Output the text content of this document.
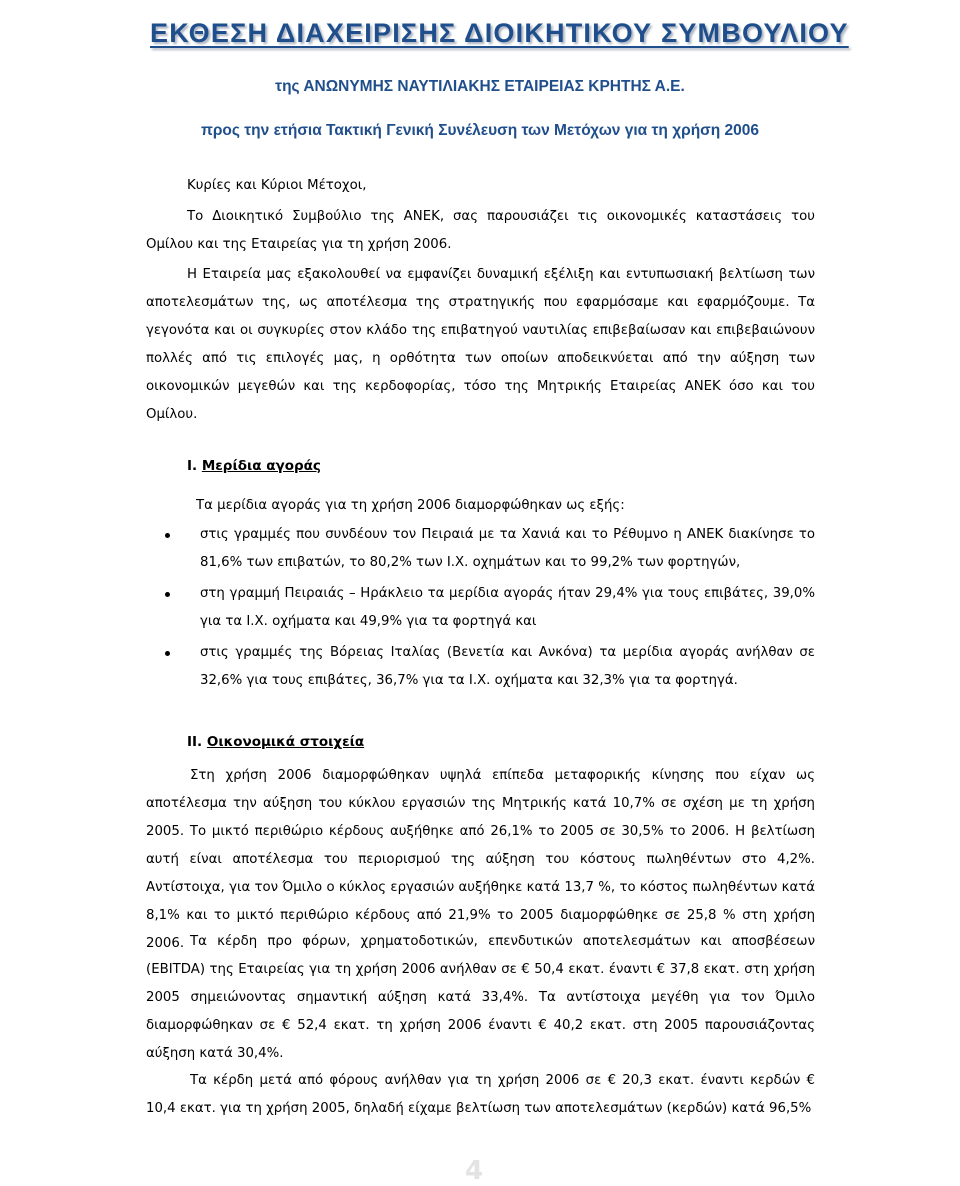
ΕΚΘΕΣΗ ΔΙΑΧΕΙΡΙΣΗΣ ΔΙΟΙΚΗΤΙΚΟΥ ΣΥΜΒΟΥΛΙΟΥ
της ΑΝΩΝΥΜΗΣ ΝΑΥΤΙΛΙΑΚΗΣ ΕΤΑΙΡΕΙΑΣ ΚΡΗΤΗΣ Α.Ε.
προς την ετήσια Τακτική Γενική Συνέλευση των Μετόχων για τη χρήση 2006
Κυρίες και Κύριοι Μέτοχοι,
Το Διοικητικό Συμβούλιο της ΑΝΕΚ, σας παρουσιάζει τις οικονομικές καταστάσεις του Ομίλου και της Εταιρείας για τη χρήση 2006.
Η Εταιρεία μας εξακολουθεί να εμφανίζει δυναμική εξέλιξη και εντυπωσιακή βελτίωση των αποτελεσμάτων της, ως αποτέλεσμα της στρατηγικής που εφαρμόσαμε και εφαρμόζουμε. Τα γεγονότα και οι συγκυρίες στον κλάδο της επιβατηγού ναυτιλίας επιβεβαίωσαν και επιβεβαιώνουν πολλές από τις επιλογές μας, η ορθότητα των οποίων αποδεικνύεται από την αύξηση των οικονομικών μεγεθών και της κερδοφορίας, τόσο της Μητρικής Εταιρείας ΑΝΕΚ όσο και του Ομίλου.
Ι. Μερίδια αγοράς
Τα μερίδια αγοράς για τη χρήση 2006 διαμορφώθηκαν ως εξής:
στις γραμμές που συνδέουν τον Πειραιά με τα Χανιά και το Ρέθυμνο η ΑΝΕΚ διακίνησε το 81,6% των επιβατών, το 80,2% των Ι.Χ. οχημάτων και το 99,2% των φορτηγών,
στη γραμμή Πειραιάς – Ηράκλειο τα μερίδια αγοράς ήταν 29,4% για τους επιβάτες, 39,0% για τα Ι.Χ. οχήματα και 49,9% για τα φορτηγά και
στις γραμμές της Βόρειας Ιταλίας (Βενετία και Ανκόνα) τα μερίδια αγοράς ανήλθαν σε 32,6% για τους επιβάτες, 36,7% για τα Ι.Χ. οχήματα και 32,3% για τα φορτηγά.
ΙΙ. Οικονομικά στοιχεία
Στη χρήση 2006 διαμορφώθηκαν υψηλά επίπεδα μεταφορικής κίνησης που είχαν ως αποτέλεσμα την αύξηση του κύκλου εργασιών της Μητρικής κατά 10,7% σε σχέση με τη χρήση 2005. Το μικτό περιθώριο κέρδους αυξήθηκε από 26,1% το 2005 σε 30,5% το 2006. Η βελτίωση αυτή είναι αποτέλεσμα του περιορισμού της αύξηση του κόστους πωληθέντων στο 4,2%. Αντίστοιχα, για τον Όμιλο ο κύκλος εργασιών αυξήθηκε κατά 13,7 %, το κόστος πωληθέντων κατά 8,1% και το μικτό περιθώριο κέρδους από 21,9% το 2005 διαμορφώθηκε σε 25,8 % στη χρήση 2006. Τα κέρδη προ φόρων, χρηματοδοτικών, επενδυτικών αποτελεσμάτων και αποσβέσεων (EBITDA) της Εταιρείας για τη χρήση 2006 ανήλθαν σε € 50,4 εκατ. έναντι € 37,8 εκατ. στη χρήση 2005 σημειώνοντας σημαντική αύξηση κατά 33,4%. Τα αντίστοιχα μεγέθη για τον Όμιλο διαμορφώθηκαν σε € 52,4 εκατ. τη χρήση 2006 έναντι € 40,2 εκατ. στη 2005 παρουσιάζοντας αύξηση κατά 30,4%.
Τα κέρδη μετά από φόρους ανήλθαν για τη χρήση 2006 σε € 20,3 εκατ. έναντι κερδών € 10,4 εκατ. για τη χρήση 2005, δηλαδή είχαμε βελτίωση των αποτελεσμάτων (κερδών) κατά 96,5%
4
